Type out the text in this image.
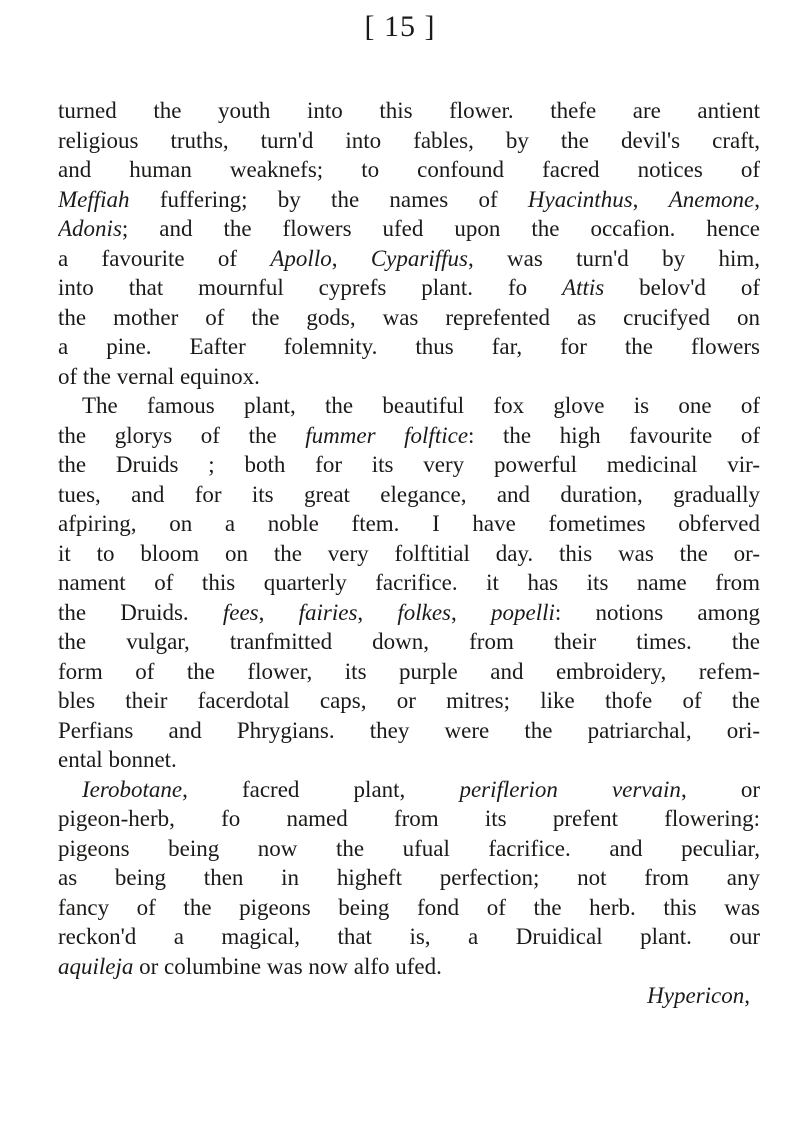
[ 15 ]
turned the youth into this flower. thefe are antient
religious truths, turn'd into fables, by the devil's craft,
and human weaknefs; to confound facred notices of
Meffiah fuffering; by the names of Hyacinthus, Anemone,
Adonis; and the flowers ufed upon the occafion. hence
a favourite of Apollo, Cypariffus, was turn'd by him,
into that mournful cyprefs plant. fo Attis belov'd of
the mother of the gods, was reprefented as crucifyed on
a pine. Eafter folemnity. thus far, for the flowers
of the vernal equinox.
The famous plant, the beautiful fox glove is one of
the glorys of the fummer folftice: the high favourite of
the Druids ; both for its very powerful medicinal vir-
tues, and for its great elegance, and duration, gradually
afpiring, on a noble ftem. I have fometimes obferved
it to bloom on the very folftitial day. this was the or-
nament of this quarterly facrifice. it has its name from
the Druids. fees, fairies, folkes, popelli: notions among
the vulgar, tranfmitted down, from their times. the
form of the flower, its purple and embroidery, refem-
bles their facerdotal caps, or mitres; like thofe of the
Perfians and Phrygians. they were the patriarchal, ori-
ental bonnet.
Ierobotane, facred plant, periflerion vervain, or
pigeon-herb, fo named from its prefent flowering:
pigeons being now the ufual facrifice. and peculiar,
as being then in higheft perfection; not from any
fancy of the pigeons being fond of the herb. this was
reckon'd a magical, that is, a Druidical plant. our
aquileja or columbine was now alfo ufed.
Hypericon,
